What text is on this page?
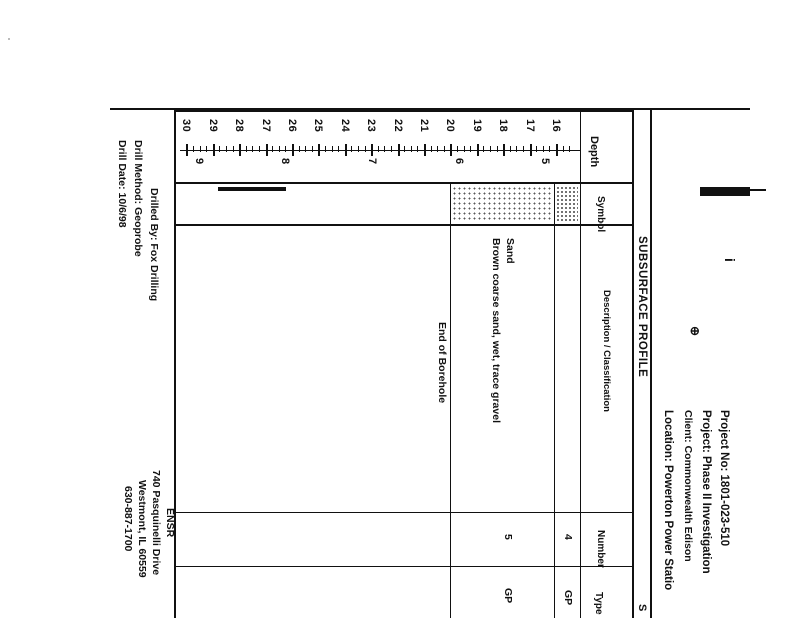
16
17
18
19
20
21
22
23
24
25
26
27
28
29
30
5
6
7
8
9	Depth
Symbol
Description / Classification SUBSURFACE PROFILE
Sand
Brown coarse sand, wet, trace gravel
End of Borehole
Number
4
5
Type
GP
GP
S
Project No: 1801-023-510
Project: Phase II Investigation
Client: Commonwealth Edison
Location: Powerton Power Statio
i
⊕
Drilled By: Fox Drilling
Drill Method: Geoprobe
Drill Date: 10/6/98
ENSR
740 Pasquinelli Drive
Westmont, IL 60559
630-887-1700
